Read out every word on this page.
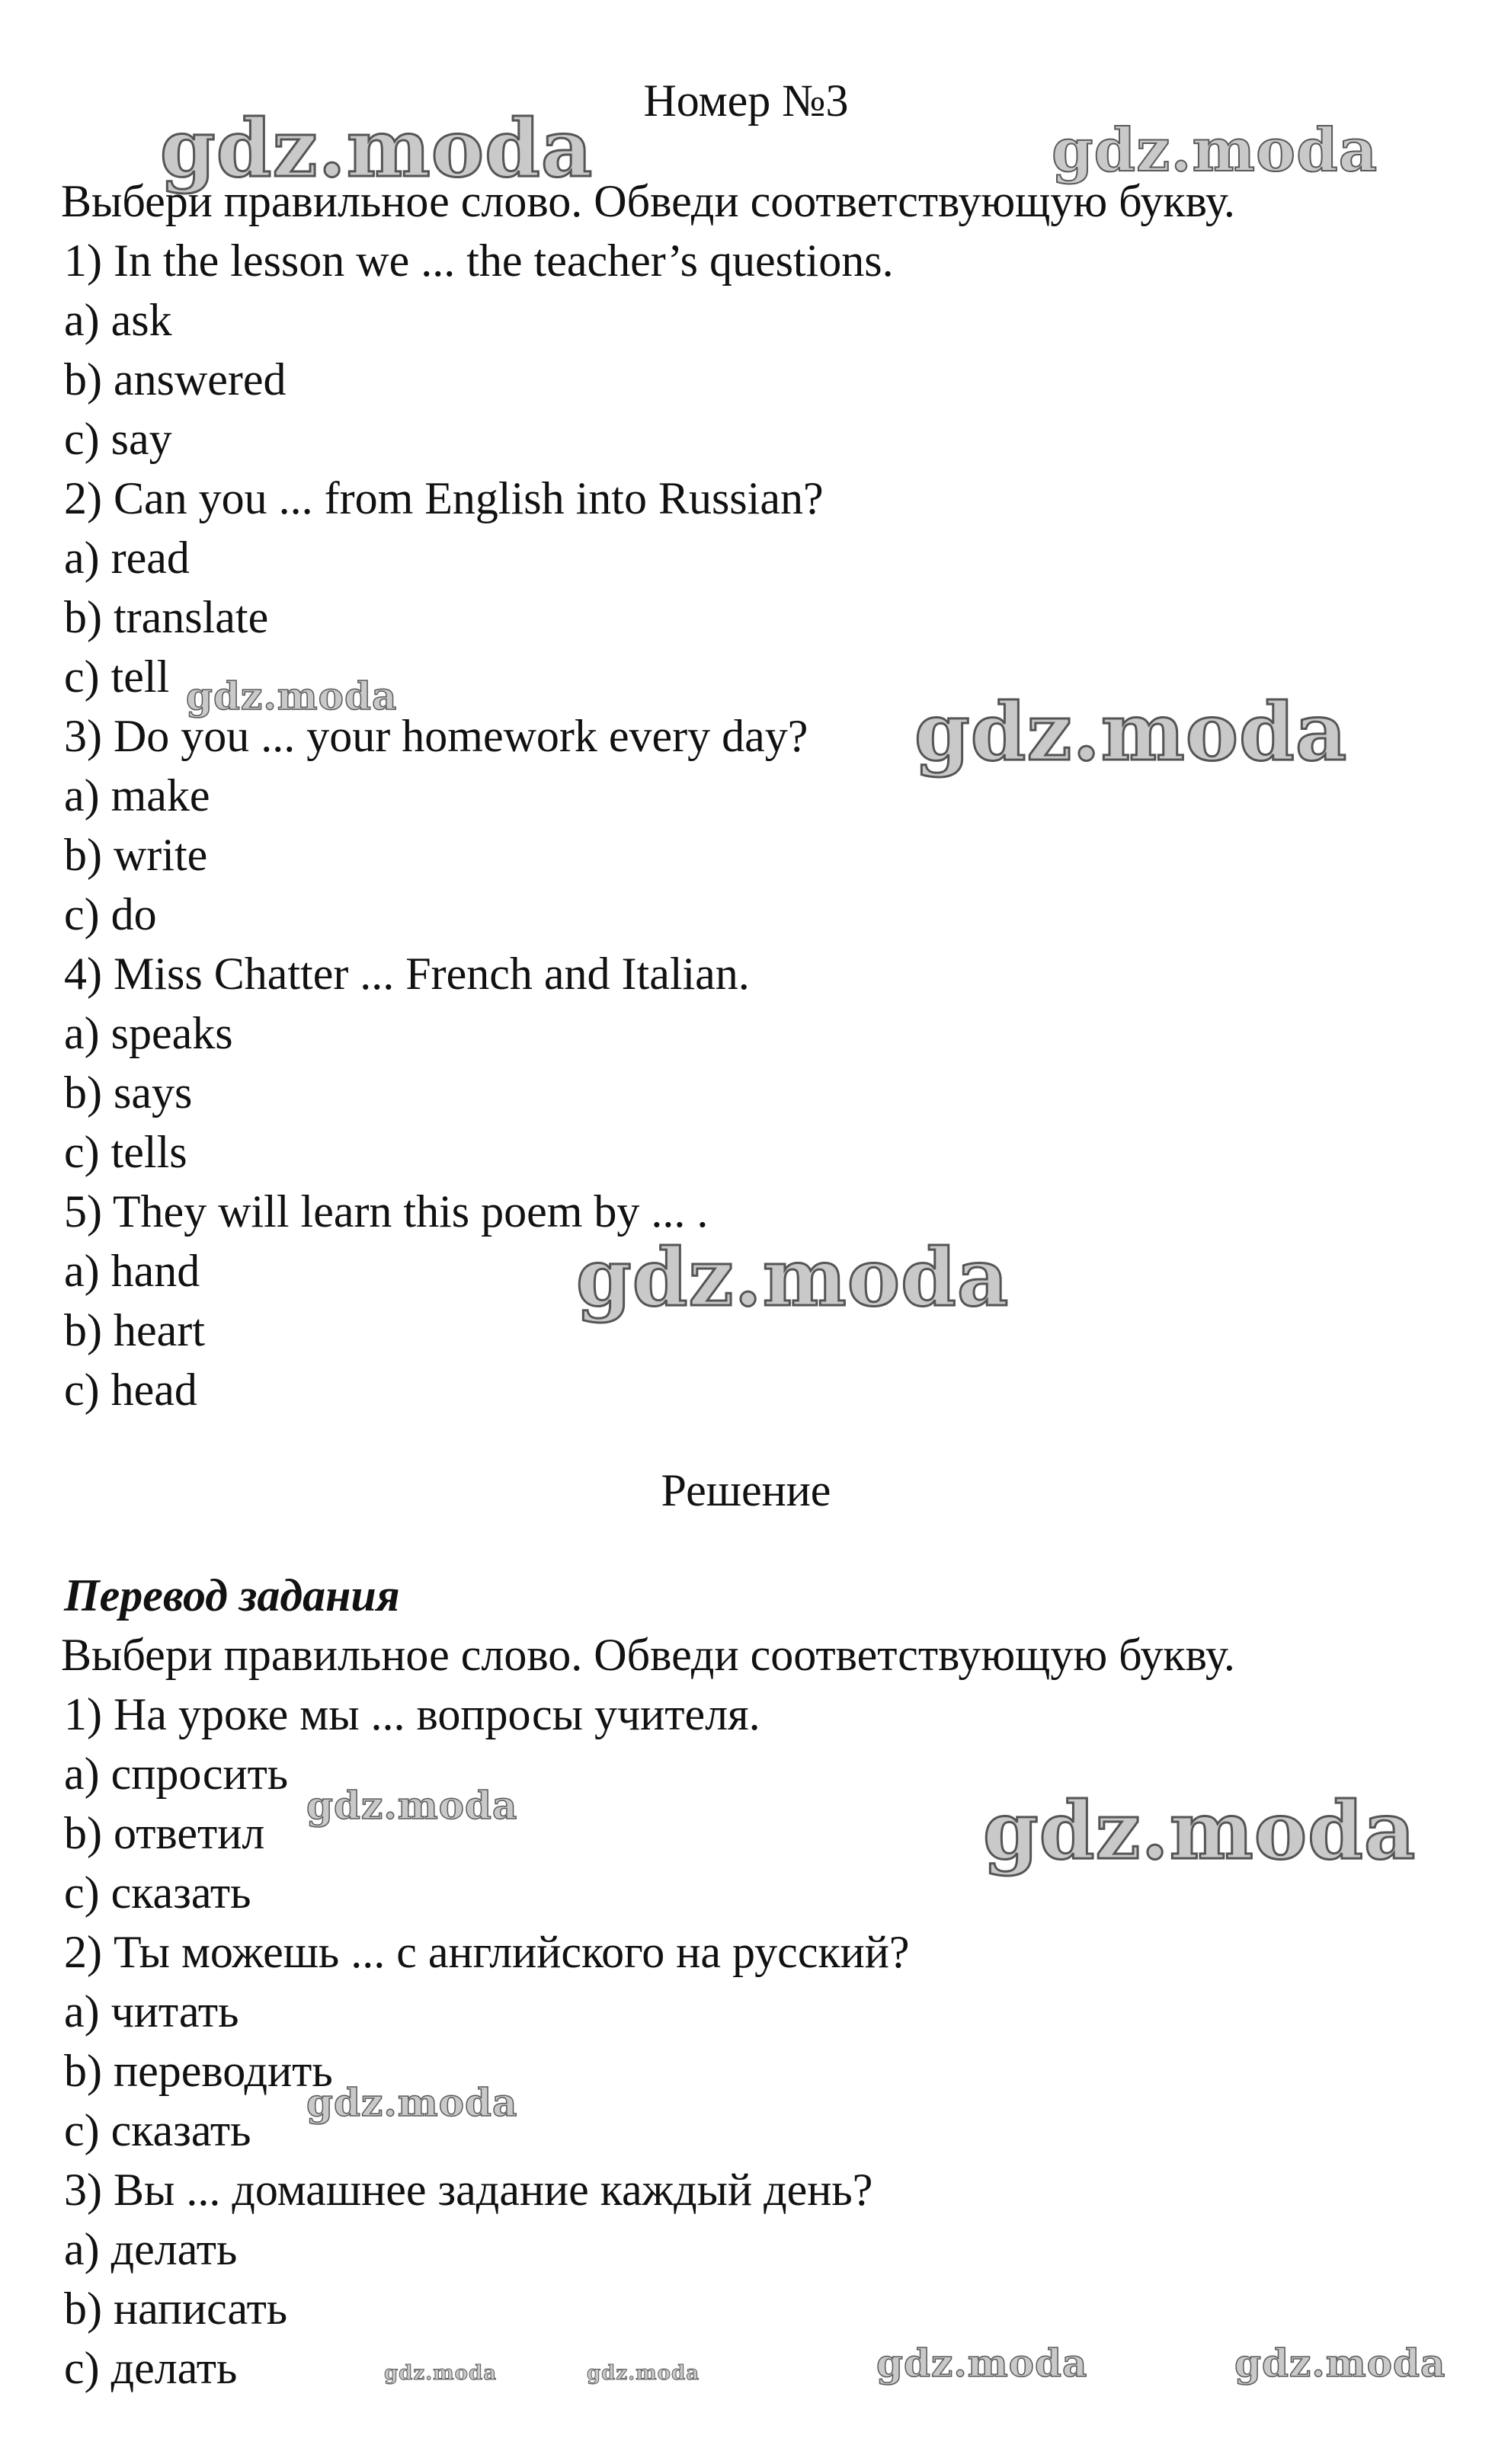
Номер №3
Выбери правильное слово. Обведи соответствующую букву.
1) In the lesson we ... the teacher’s questions.
a) ask
b) answered
c) say
2) Can you ... from English into Russian?
a) read
b) translate
c) tell
3) Do you ... your homework every day?
a) make
b) write
c) do
4) Miss Chatter ... French and Italian.
a) speaks
b) says
c) tells
5) They will learn this poem by ... .
a) hand
b) heart
c) head
Решение
Перевод задания
Выбери правильное слово. Обведи соответствующую букву.
1) На уроке мы ... вопросы учителя.
a) спросить
b) ответил
c) сказать
2) Ты можешь ... с английского на русский?
a) читать
b) переводить
c) сказать
3) Вы ... домашнее задание каждый день?
a) делать
b) написать
c) делать
gdz.moda	gdz.moda
gdz.moda	gdz.moda
gdz.moda
gdz.moda	gdz.moda
gdz.moda
gdz.moda	gdz.moda	gdz.moda	gdz.moda
